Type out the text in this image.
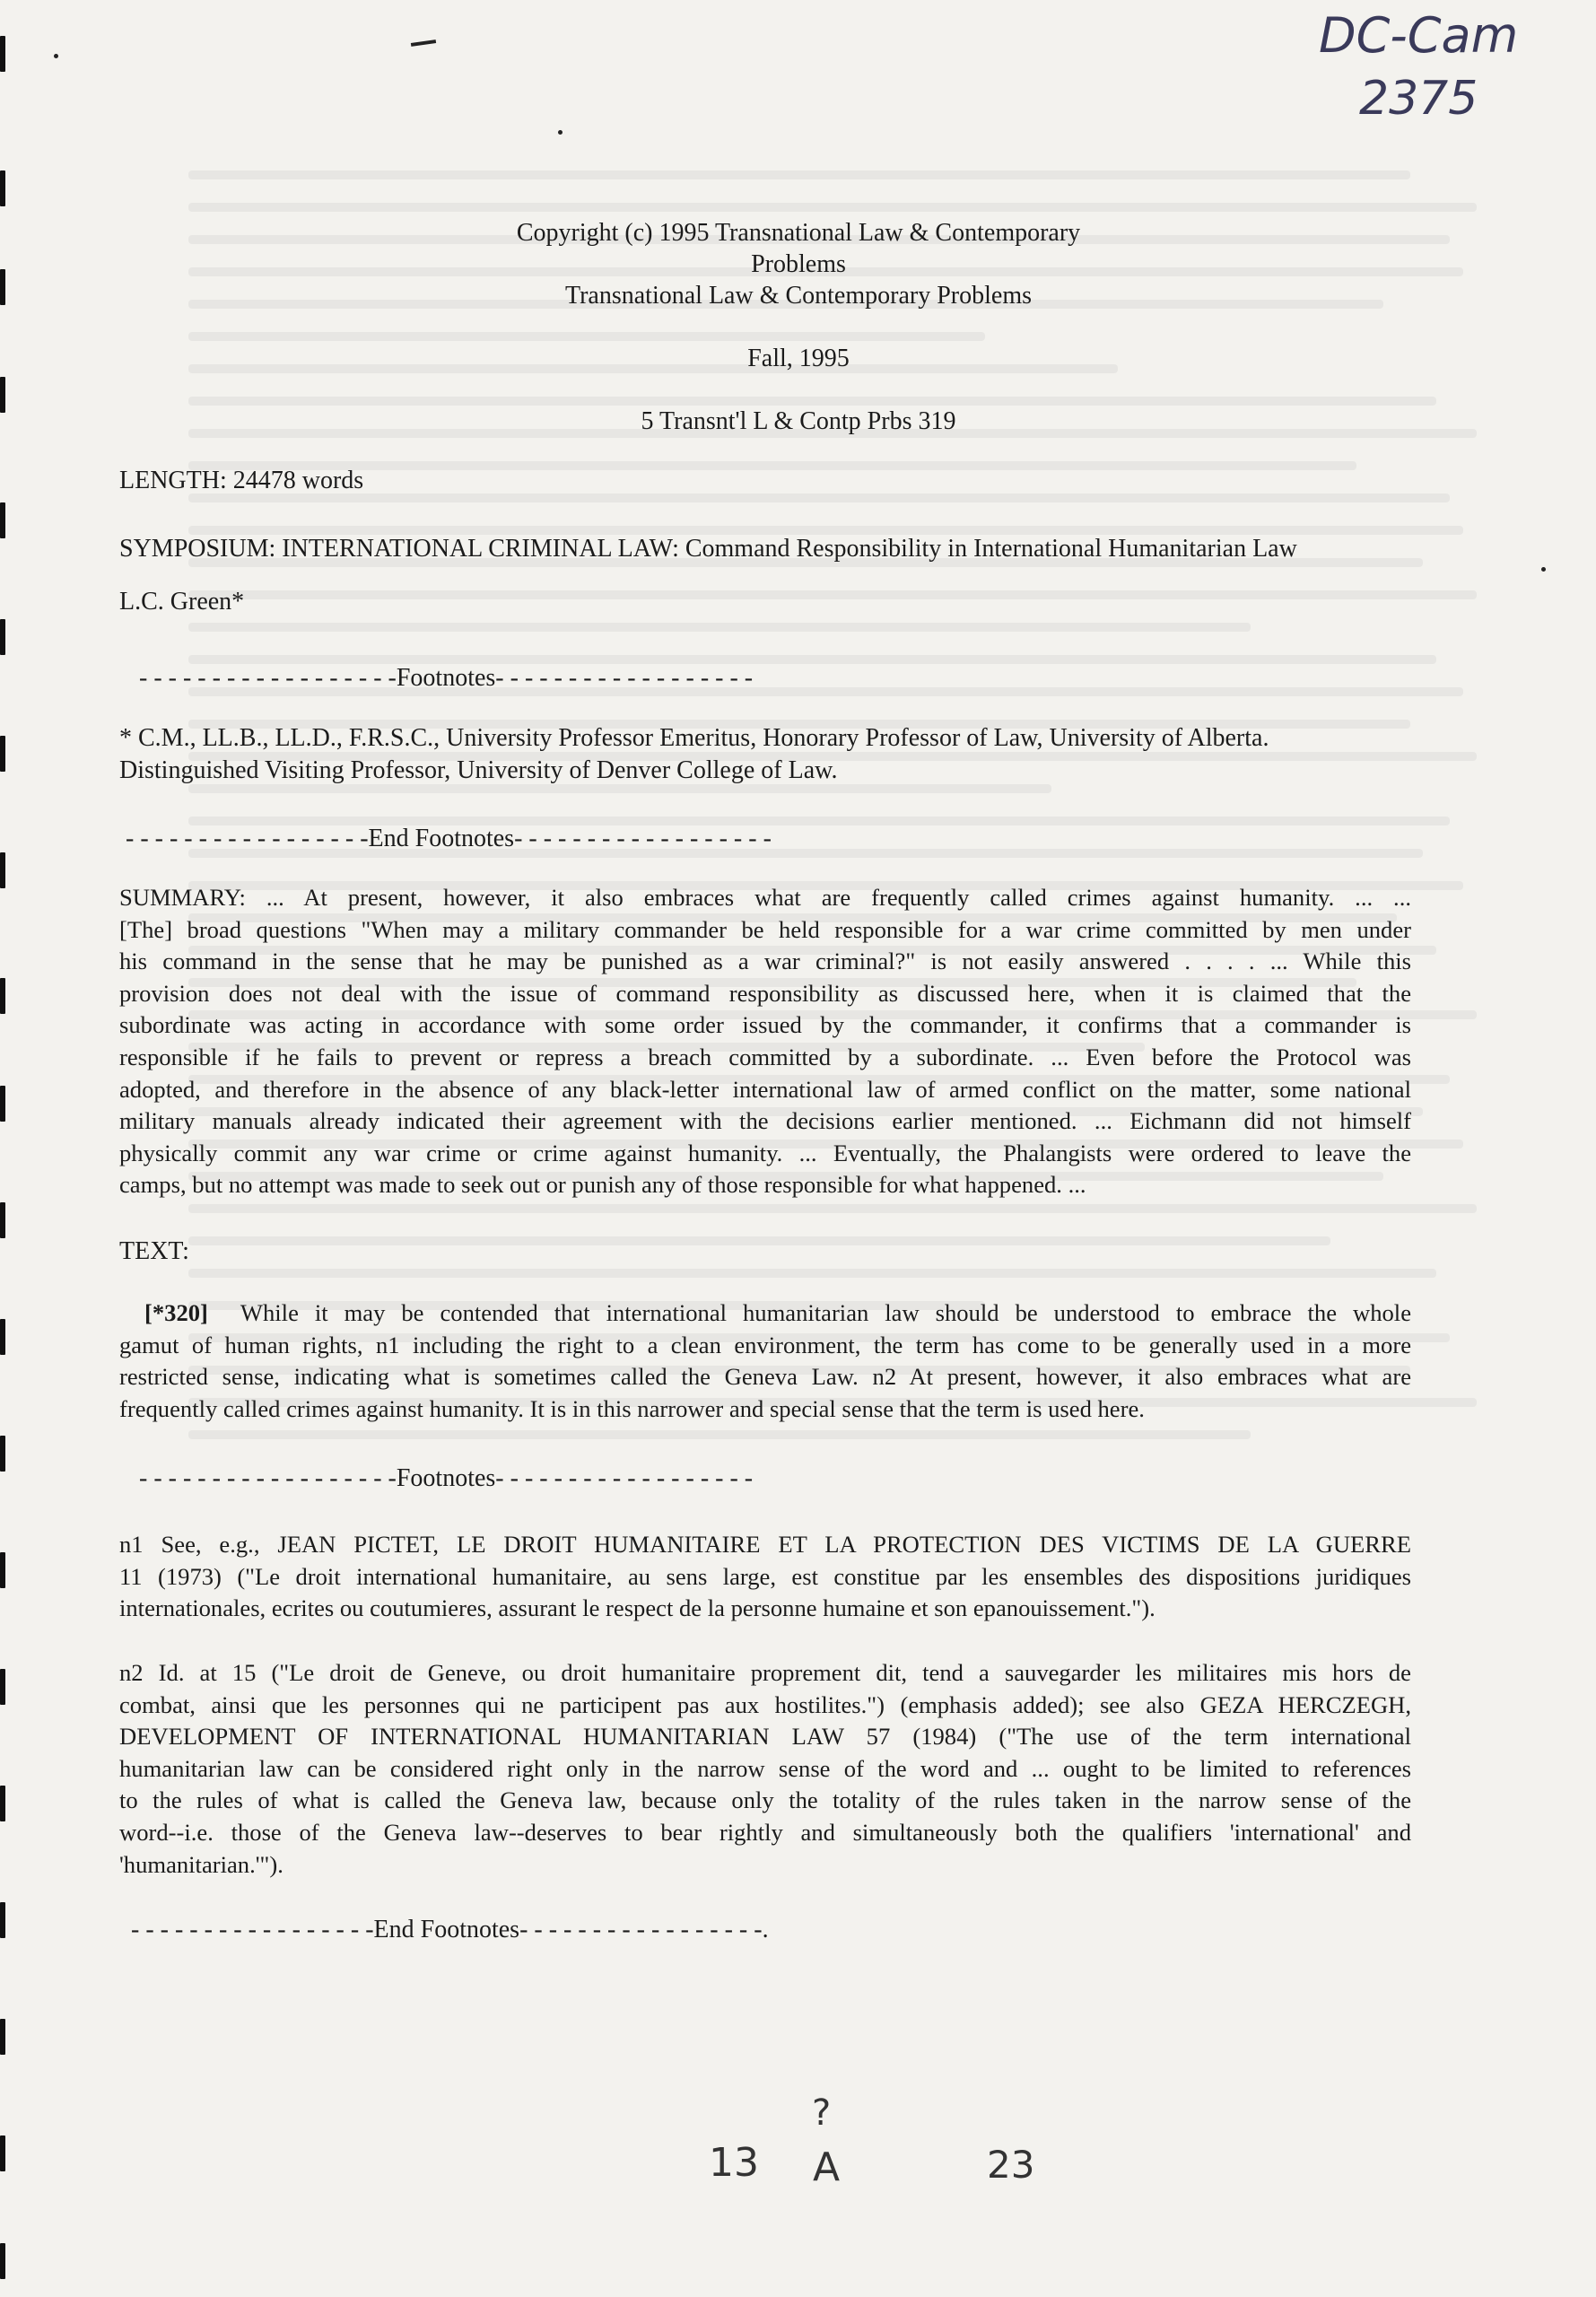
DC-Cam
2375
13 A	23
?
Copyright (c) 1995 Transnational Law & Contemporary
Problems
Transnational Law & Contemporary Problems
Fall, 1995
5 Transnt'l L & Contp Prbs 319
LENGTH: 24478 words
SYMPOSIUM: INTERNATIONAL CRIMINAL LAW: Command Responsibility in International Humanitarian Law
L.C. Green*
- - - - - - - - - - - - - - - - - -Footnotes- - - - - - - - - - - - - - - - - -
* C.M., LL.B., LL.D., F.R.S.C., University Professor Emeritus, Honorary Professor of Law, University of Alberta.
Distinguished Visiting Professor, University of Denver College of Law.
- - - - - - - - - - - - - - - - -End Footnotes- - - - - - - - - - - - - - - - - -
SUMMARY: ... At present, however, it also embraces what are frequently called crimes against humanity. ... ...
[The] broad questions "When may a military commander be held responsible for a war crime committed by men under
his command in the sense that he may be punished as a war criminal?" is not easily answered . . . . ... While this
provision does not deal with the issue of command responsibility as discussed here, when it is claimed that the
subordinate was acting in accordance with some order issued by the commander, it confirms that a commander is
responsible if he fails to prevent or repress a breach committed by a subordinate. ... Even before the Protocol was
adopted, and therefore in the absence of any black-letter international law of armed conflict on the matter, some national
military manuals already indicated their agreement with the decisions earlier mentioned. ... Eichmann did not himself
physically commit any war crime or crime against humanity. ... Eventually, the Phalangists were ordered to leave the
camps, but no attempt was made to seek out or punish any of those responsible for what happened. ...
TEXT:
[*320] While it may be contended that international humanitarian law should be understood to embrace the whole
gamut of human rights, n1 including the right to a clean environment, the term has come to be generally used in a more
restricted sense, indicating what is sometimes called the Geneva Law. n2 At present, however, it also embraces what are
frequently called crimes against humanity. It is in this narrower and special sense that the term is used here.
- - - - - - - - - - - - - - - - - -Footnotes- - - - - - - - - - - - - - - - - -
n1 See, e.g., JEAN PICTET, LE DROIT HUMANITAIRE ET LA PROTECTION DES VICTIMS DE LA GUERRE
11 (1973) ("Le droit international humanitaire, au sens large, est constitue par les ensembles des dispositions juridiques
internationales, ecrites ou coutumieres, assurant le respect de la personne humaine et son epanouissement.").
n2 Id. at 15 ("Le droit de Geneve, ou droit humanitaire proprement dit, tend a sauvegarder les militaires mis hors de
combat, ainsi que les personnes qui ne participent pas aux hostilites.") (emphasis added); see also GEZA HERCZEGH,
DEVELOPMENT OF INTERNATIONAL HUMANITARIAN LAW 57 (1984) ("The use of the term international
humanitarian law can be considered right only in the narrow sense of the word and ... ought to be limited to references
to the rules of what is called the Geneva law, because only the totality of the rules taken in the narrow sense of the
word--i.e. those of the Geneva law--deserves to bear rightly and simultaneously both the qualifiers 'international' and
'humanitarian.'").
- - - - - - - - - - - - - - - - -End Footnotes- - - - - - - - - - - - - - - - -.
